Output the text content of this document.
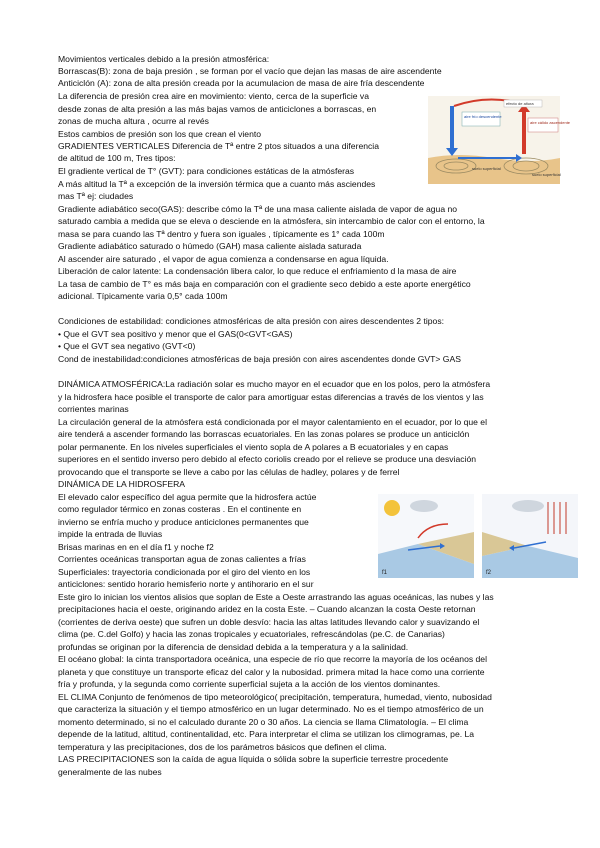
Movimientos verticales debido a la presión atmosférica:
Borrascas(B): zona de baja presión , se forman por el vacío que dejan las masas de aire ascendente
Anticiclón (A): zona de alta presión creada por la acumulacion de masa de aire fría descendente
La diferencia de presión crea aire en movimiento: viento, cerca de la superficie va
desde zonas de alta presión a las más bajas vamos de anticiclones a borrascas, en
zonas de mucha altura , ocurre al revés
Estos cambios de presión son los que crean el viento
GRADIENTES VERTICALES Diferencia de Tª entre 2 ptos situados a una diferencia
de altitud de 100 m, Tres tipos:
El gradiente vertical de T° (GVT): para condiciones estáticas de la atmósferas
A más altitud la Tª a excepción de la inversión térmica que a cuanto más asciendes
mas Tª ej: ciudades
Gradiente adiabático seco(GAS): describe cómo la Tª de una masa caliente aislada de vapor de agua no
saturado cambia a medida que se eleva o desciende en la atmósfera, sin intercambio de calor con el entorno, la
masa se para cuando las Tª dentro y fuera son iguales , típicamente es 1° cada 100m
Gradiente adiabático saturado o húmedo (GAH) masa caliente aislada saturada
Al ascender aire saturado , el vapor de agua comienza a condensarse en agua líquida.
Liberación de calor latente: La condensación libera calor, lo que reduce el enfriamiento d la masa de aire
La tasa de cambio de T° es más baja en comparación con el gradiente seco debido a este aporte energético
adicional. Típicamente varia 0,5° cada 100m
Condiciones de estabilidad: condiciones atmosféricas de alta presión con aires descendentes 2 tipos:
• Que el GVT sea positivo y menor que el GAS(0<GVT<GAS)
• Que el GVT sea negativo (GVT<0)
Cond de inestabilidad:condiciones atmosféricas de baja presión con aires ascendentes donde GVT> GAS
DINÁMICA ATMOSFÉRICA:La radiación solar es mucho mayor en el ecuador que en los polos, pero la atmósfera
y la hidrosfera hace posible el transporte de calor para amortiguar estas diferencias a través de los vientos y las
corrientes marinas
La circulación general de la atmósfera está condicionada por el mayor calentamiento en el ecuador, por lo que el
aire tenderá a ascender formando las borrascas ecuatoriales. En las zonas polares se produce un anticiclón
polar permanente. En los niveles superficiales el viento sopla de A polares a B ecuatoriales y en capas
superiores en el sentido inverso pero debido al efecto coriolis creado por el relieve se produce una desviación
provocando que el transporte se lleve a cabo por las células de hadley, polares y de ferrel
DINÁMICA DE LA HIDROSFERA
El elevado calor específico del agua permite que la hidrosfera actúe
como regulador térmico en zonas costeras . En el continente en
invierno se enfría mucho y produce anticiclones permanentes que
impide la entrada de lluvias
Brisas marinas en en el día f1 y noche f2
Corrientes oceánicas transportan agua de zonas calientes a frías
Superficiales: trayectoria condicionada por el giro del viento en los
anticiclones: sentido horario hemisferio norte y antihorario en el sur
Este giro lo inician los vientos alisios que soplan de Este a Oeste arrastrando las aguas oceánicas, las nubes y las
precipitaciones hacia el oeste, originando aridez en la costa Este. – Cuando alcanzan la costa Oeste retornan
(corrientes de deriva oeste) que sufren un doble desvío: hacia las altas latitudes llevando calor y suavizando el
clima (pe. C.del Golfo) y hacia las zonas tropicales y ecuatoriales, refrescándolas (pe.C. de Canarias)
profundas se originan por la diferencia de densidad debida a la temperatura y a la salinidad.
El océano global: la cinta transportadora oceánica, una especie de río que recorre la mayoría de los océanos del
planeta y que constituye un transporte eficaz del calor y la nubosidad. primera mitad la hace como una corriente
fría y profunda, y la segunda como corriente superficial sujeta a la acción de los vientos dominantes.
EL CLIMA Conjunto de fenómenos de tipo meteorológico( precipitación, temperatura, humedad, viento, nubosidad
que caracteriza la situación y el tiempo atmosférico en un lugar determinado. No es el tiempo atmosférico de un
momento determinado, si no el calculado durante 20 o 30 años. La ciencia se llama Climatología. – El clima
depende de la latitud, altitud, continentalidad, etc. Para interpretar el clima se utilizan los climogramas, pe. La
temperatura y las precipitaciones, dos de los parámetros básicos que definen el clima.
LAS PRECIPITACIONES son la caída de agua líquida o sólida sobre la superficie terrestre procedente
generalmente de las nubes
aire frío descendente
aire cálido ascendente
efecto de altura
suelo superficial
suelo superficial
f1	f2
